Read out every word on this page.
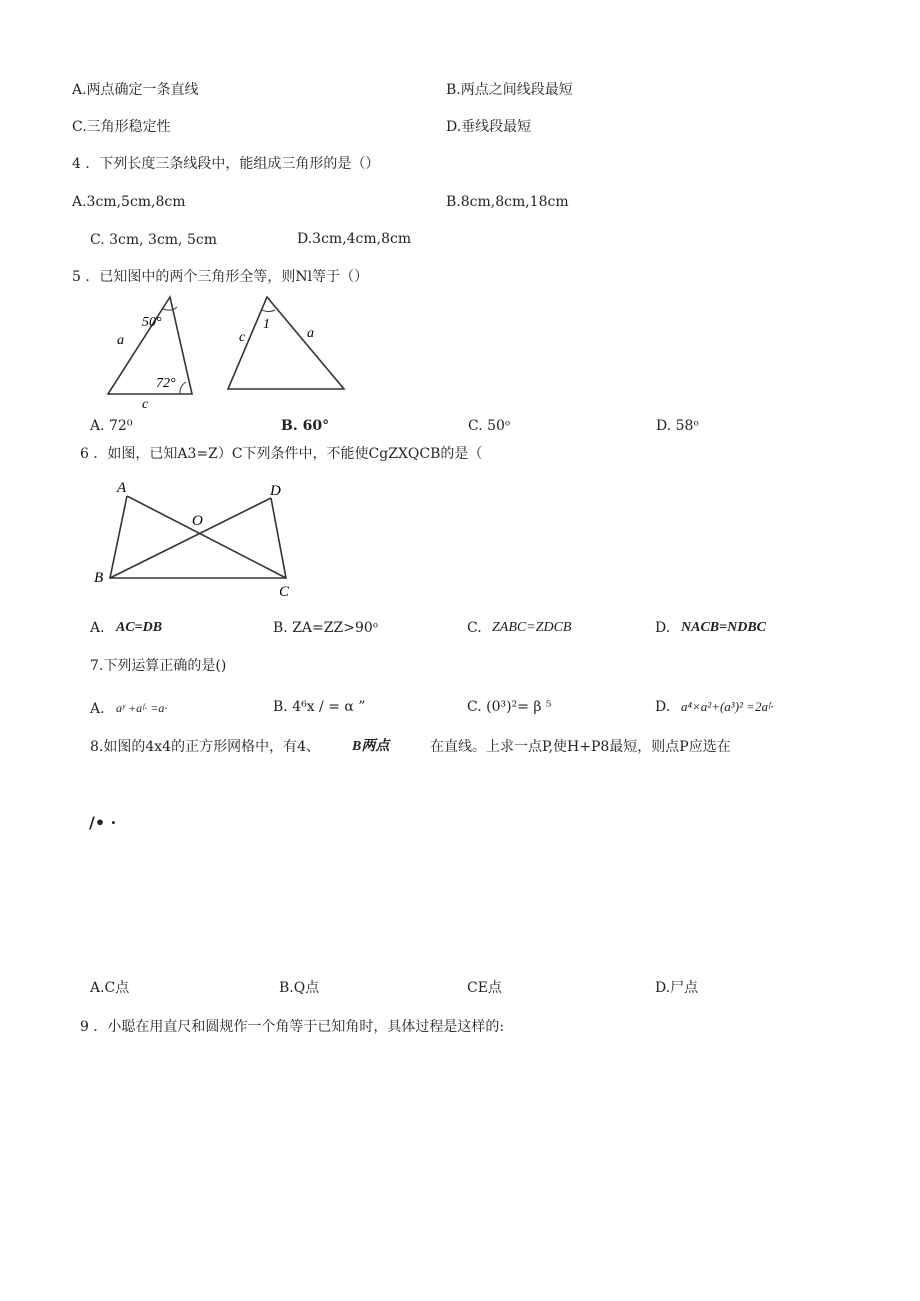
A.两点确定一条直线	B.两点之间线段最短
C.三角形稳定性	D.垂线段最短
4 ．下列长度三条线段中，能组成三角形的是（）
A.3cm,5cm,8cm	B.8cm,8cm,18cm
C. 3cm, 3cm, 5cm	D.3cm,4cm,8cm
5 ．已知图中的两个三角形全等，则Nl等于（）
50°
72°
a
c
1
c	a
A. 72⁰	B. 60°	C. 50ᵒ	D. 58ᵒ
6 ．如图，已知A3=Z）C下列条件中，不能使CgZXQCB的是（
A
B
C
D
O
A. AC=DB	B. ZA=ZZ>90ᵒ	C. ZABC=ZDCB	D. NACB=NDBC
7.下列运算正确的是()
A. aʸ +aᶠ· =a·	B. 4⁶x / = α ”	C. (0³)²= β ⁵	D. a⁴×a²+(a³)² =2aᶠ·
8.如图的4x4的正方形网格中，有4、 B两点	在直线。上求一点P,使H+P8最短，则点P应选在
/• ·
A.C点	B.Q点	CE点	D.尸点
9 ．小聪在用直尺和圆规作一个角等于已知角时，具体过程是这样的:
